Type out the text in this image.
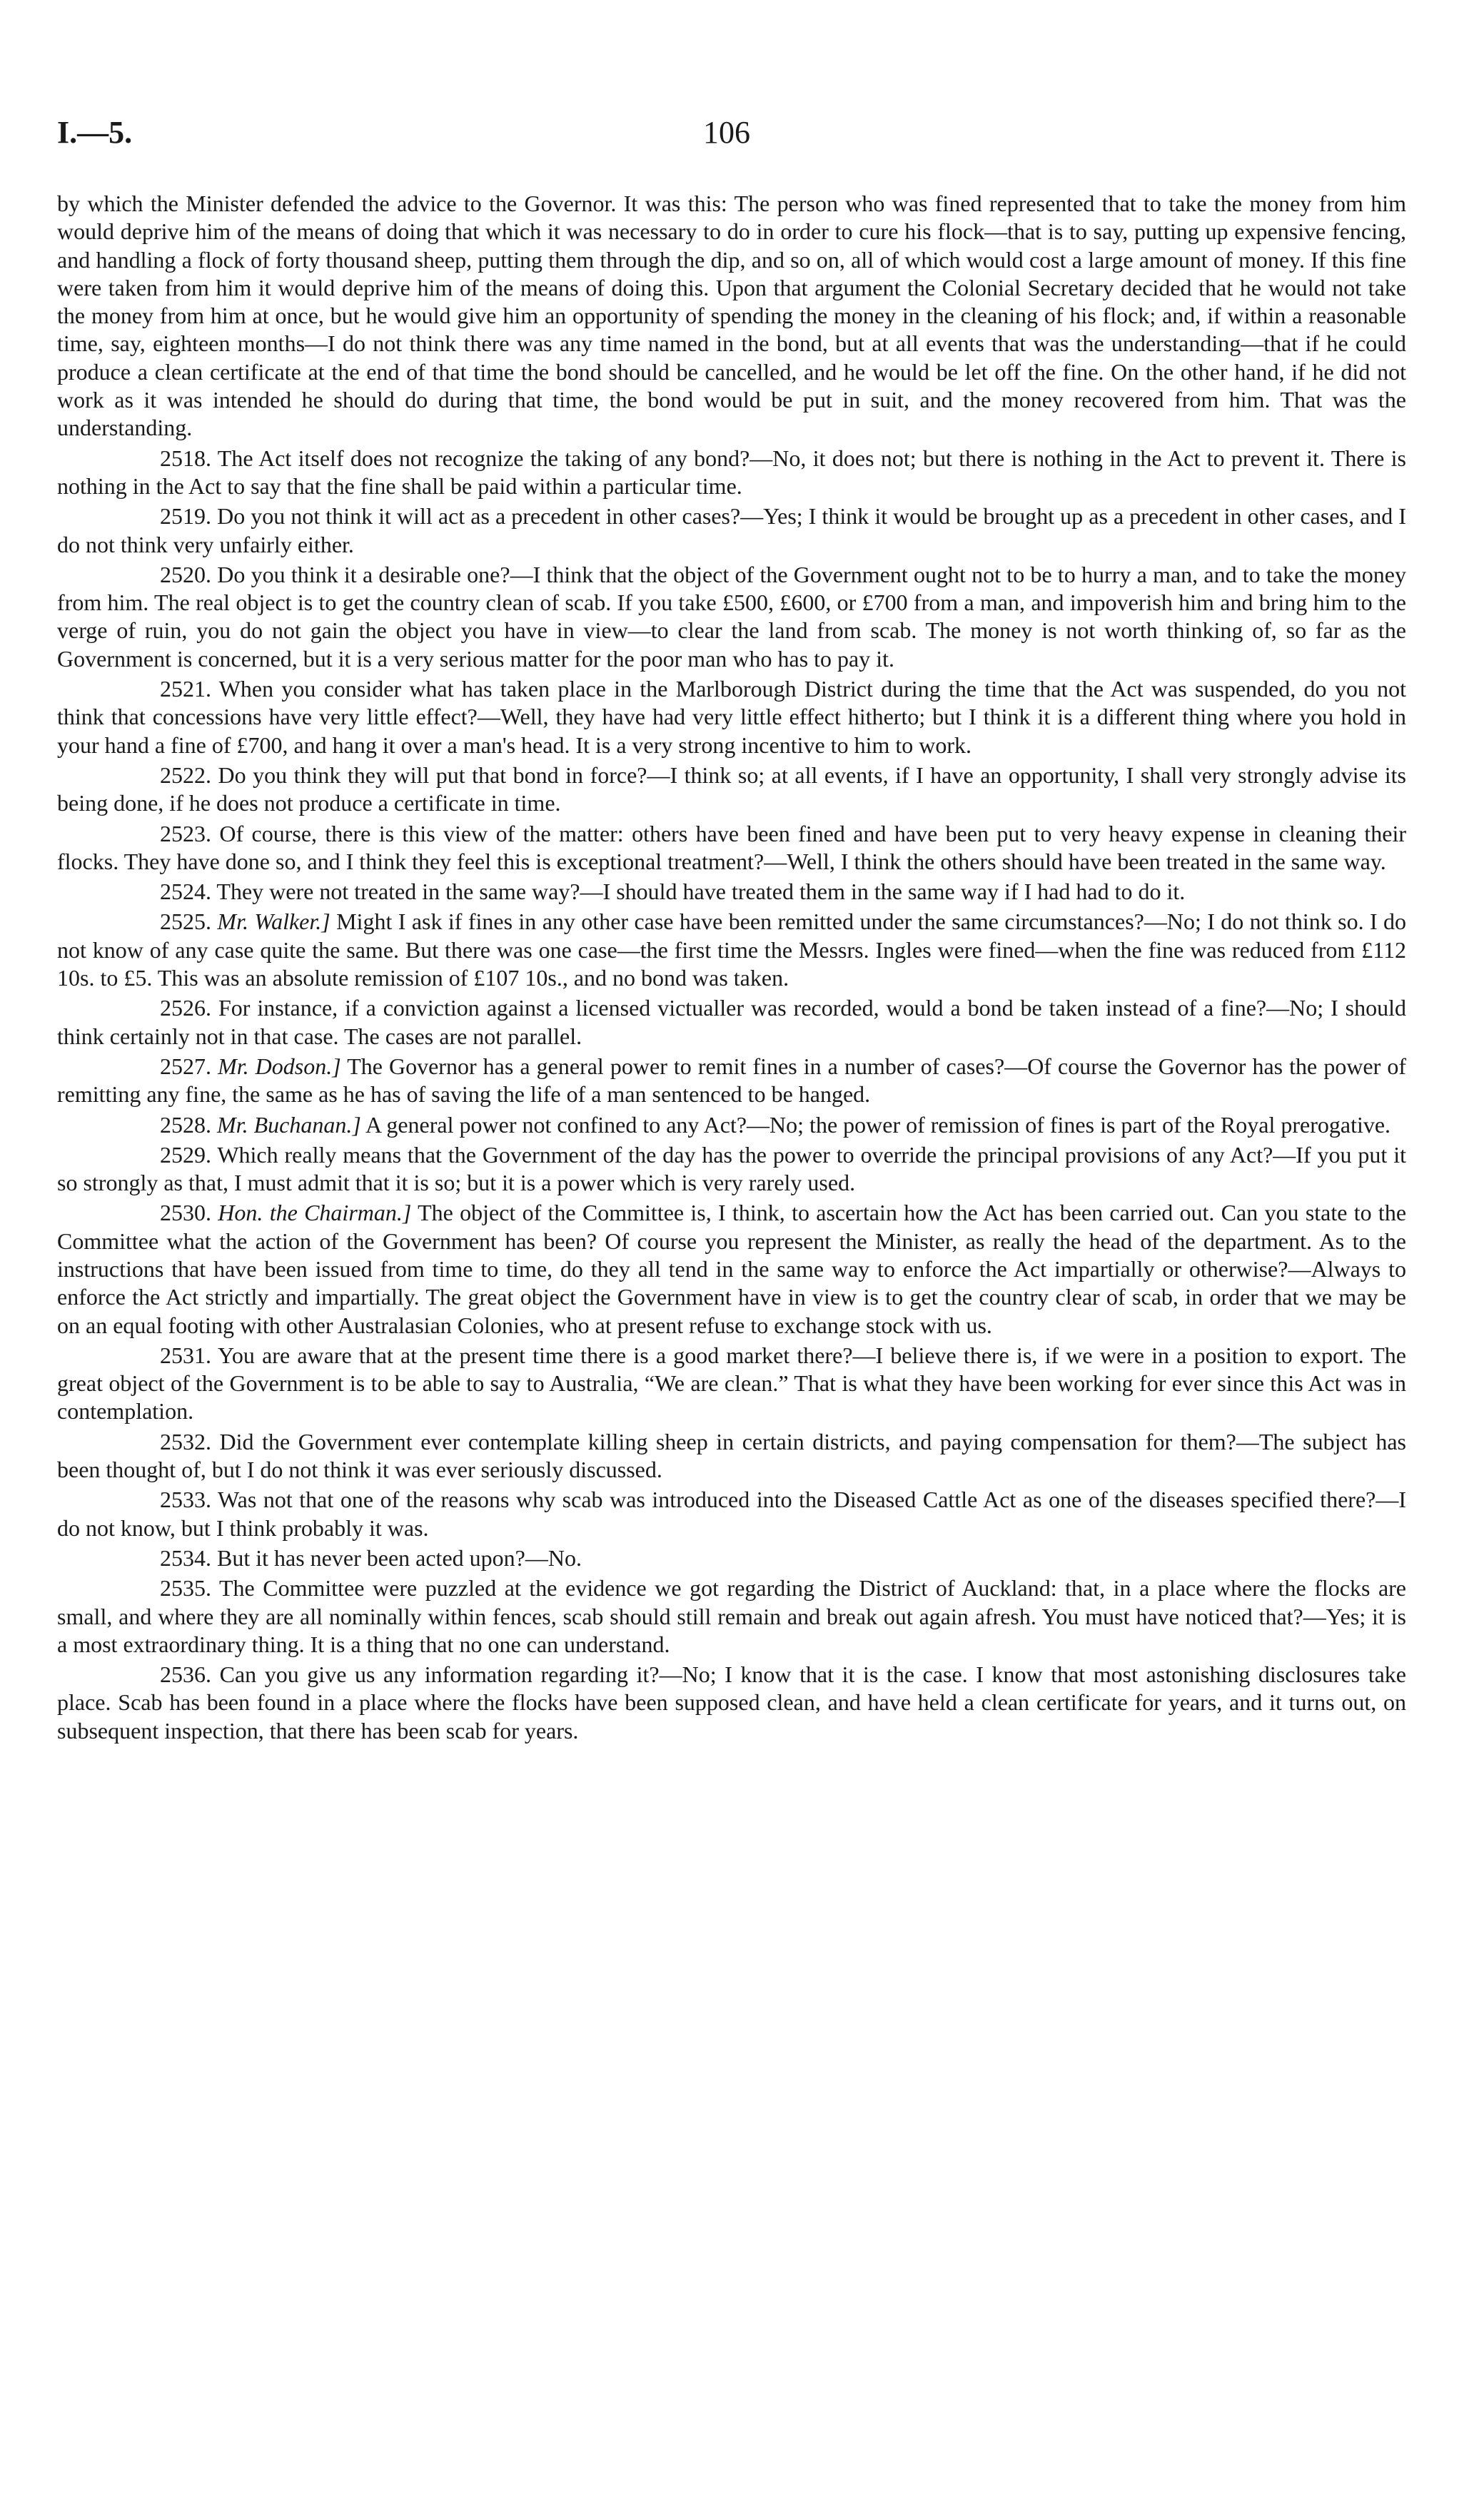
I.—5.	106

by which the Minister defended the advice to the Governor. It was this: The person who was fined represented that to take the money from him would deprive him of the means of doing that which it was necessary to do in order to cure his flock—that is to say, putting up expensive fencing, and handling a flock of forty thousand sheep, putting them through the dip, and so on, all of which would cost a large amount of money. If this fine were taken from him it would deprive him of the means of doing this. Upon that argument the Colonial Secretary decided that he would not take the money from him at once, but he would give him an opportunity of spending the money in the cleaning of his flock; and, if within a reasonable time, say, eighteen months—I do not think there was any time named in the bond, but at all events that was the understanding—that if he could produce a clean certificate at the end of that time the bond should be cancelled, and he would be let off the fine. On the other hand, if he did not work as it was intended he should do during that time, the bond would be put in suit, and the money recovered from him. That was the understanding.

2518. The Act itself does not recognize the taking of any bond?—No, it does not; but there is nothing in the Act to prevent it. There is nothing in the Act to say that the fine shall be paid within a particular time.

2519. Do you not think it will act as a precedent in other cases?—Yes; I think it would be brought up as a precedent in other cases, and I do not think very unfairly either.

2520. Do you think it a desirable one?—I think that the object of the Government ought not to be to hurry a man, and to take the money from him. The real object is to get the country clean of scab. If you take £500, £600, or £700 from a man, and impoverish him and bring him to the verge of ruin, you do not gain the object you have in view—to clear the land from scab. The money is not worth thinking of, so far as the Government is concerned, but it is a very serious matter for the poor man who has to pay it.

2521. When you consider what has taken place in the Marlborough District during the time that the Act was suspended, do you not think that concessions have very little effect?—Well, they have had very little effect hitherto; but I think it is a different thing where you hold in your hand a fine of £700, and hang it over a man's head. It is a very strong incentive to him to work.

2522. Do you think they will put that bond in force?—I think so; at all events, if I have an opportunity, I shall very strongly advise its being done, if he does not produce a certificate in time.

2523. Of course, there is this view of the matter: others have been fined and have been put to very heavy expense in cleaning their flocks. They have done so, and I think they feel this is exceptional treatment?—Well, I think the others should have been treated in the same way.

2524. They were not treated in the same way?—I should have treated them in the same way if I had had to do it.

2525. Mr. Walker.] Might I ask if fines in any other case have been remitted under the same circumstances?—No; I do not think so. I do not know of any case quite the same. But there was one case—the first time the Messrs. Ingles were fined—when the fine was reduced from £112 10s. to £5. This was an absolute remission of £107 10s., and no bond was taken.

2526. For instance, if a conviction against a licensed victualler was recorded, would a bond be taken instead of a fine?—No; I should think certainly not in that case. The cases are not parallel.

2527. Mr. Dodson.] The Governor has a general power to remit fines in a number of cases?—Of course the Governor has the power of remitting any fine, the same as he has of saving the life of a man sentenced to be hanged.

2528. Mr. Buchanan.] A general power not confined to any Act?—No; the power of remission of fines is part of the Royal prerogative.

2529. Which really means that the Government of the day has the power to override the principal provisions of any Act?—If you put it so strongly as that, I must admit that it is so; but it is a power which is very rarely used.

2530. Hon. the Chairman.] The object of the Committee is, I think, to ascertain how the Act has been carried out. Can you state to the Committee what the action of the Government has been? Of course you represent the Minister, as really the head of the department. As to the instructions that have been issued from time to time, do they all tend in the same way to enforce the Act impartially or otherwise?—Always to enforce the Act strictly and impartially. The great object the Government have in view is to get the country clear of scab, in order that we may be on an equal footing with other Australasian Colonies, who at present refuse to exchange stock with us.

2531. You are aware that at the present time there is a good market there?—I believe there is, if we were in a position to export. The great object of the Government is to be able to say to Australia, “We are clean.” That is what they have been working for ever since this Act was in contemplation.

2532. Did the Government ever contemplate killing sheep in certain districts, and paying compensation for them?—The subject has been thought of, but I do not think it was ever seriously discussed.

2533. Was not that one of the reasons why scab was introduced into the Diseased Cattle Act as one of the diseases specified there?—I do not know, but I think probably it was.

2534. But it has never been acted upon?—No.

2535. The Committee were puzzled at the evidence we got regarding the District of Auckland: that, in a place where the flocks are small, and where they are all nominally within fences, scab should still remain and break out again afresh. You must have noticed that?—Yes; it is a most extraordinary thing. It is a thing that no one can understand.

2536. Can you give us any information regarding it?—No; I know that it is the case. I know that most astonishing disclosures take place. Scab has been found in a place where the flocks have been supposed clean, and have held a clean certificate for years, and it turns out, on subsequent inspection, that there has been scab for years.
